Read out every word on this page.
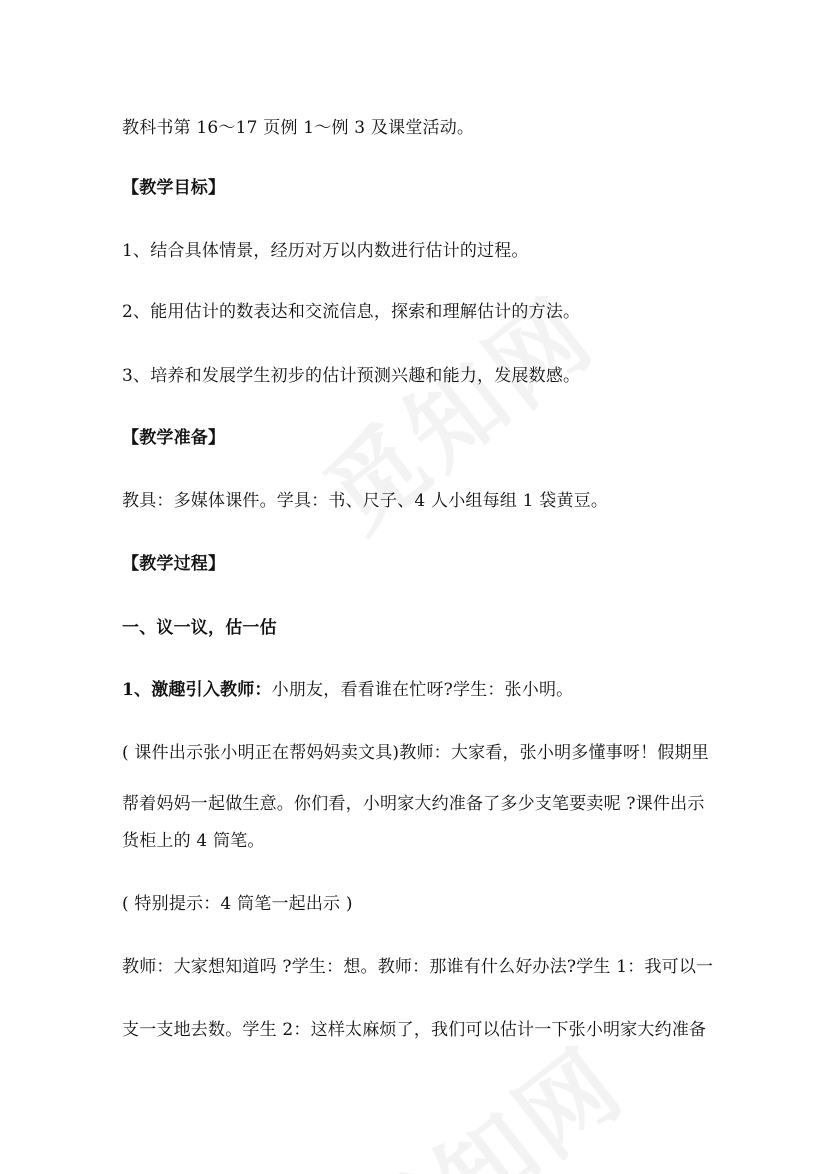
教科书第 16～17 页例 1～例 3 及课堂活动。
【教学目标】
1、结合具体情景，经历对万以内数进行估计的过程。
2、能用估计的数表达和交流信息，探索和理解估计的方法。
3、培养和发展学生初步的估计预测兴趣和能力，发展数感。
【教学准备】
教具：多媒体课件。学具：书、尺子、4 人小组每组 1 袋黄豆。
【教学过程】
一、议一议，估一估
1、激趣引入教师：小朋友，看看谁在忙呀?学生：张小明。
( 课件出示张小明正在帮妈妈卖文具)教师：大家看，张小明多懂事呀！假期里
帮着妈妈一起做生意。你们看，小明家大约准备了多少支笔要卖呢 ?课件出示
货柜上的 4 筒笔。
( 特别提示：4 筒笔一起出示 )
教师：大家想知道吗 ?学生：想。教师：那谁有什么好办法?学生 1：我可以一
支一支地去数。学生 2：这样太麻烦了，我们可以估计一下张小明家大约准备
